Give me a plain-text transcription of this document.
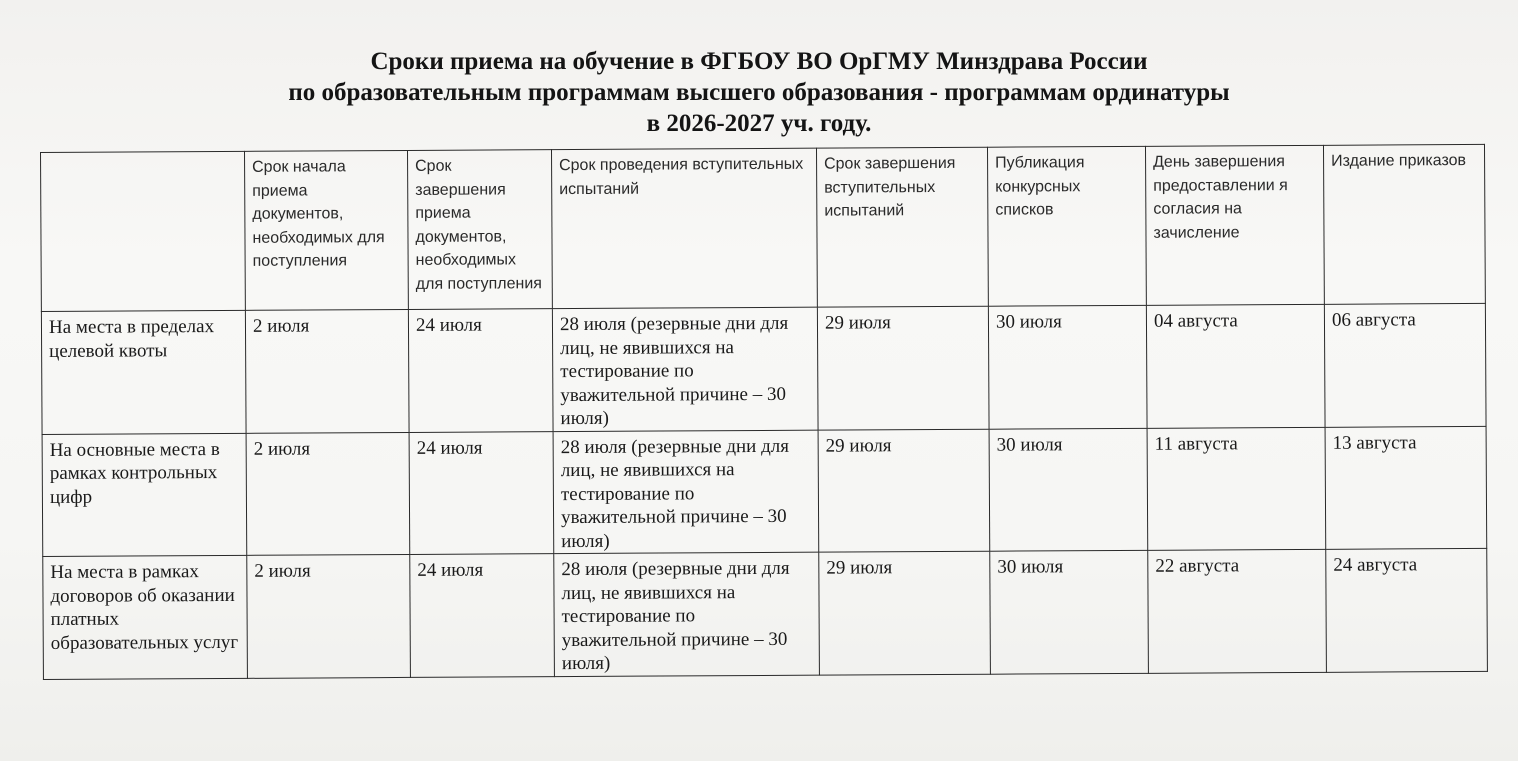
Сроки приема на обучение в ФГБОУ ВО ОрГМУ Минздрава России
по образовательным программам высшего образования - программам ординатуры
в 2026-2027 уч. году.
	Срок начала приема документов, необходимых для поступления	Срок завершения приема документов, необходимых для поступления	Срок проведения вступительных испытаний	Срок завершения вступительных испытаний	Публикация конкурсных списков	День завершения предоставлении я согласия на зачисление	Издание приказов
На места в пределах целевой квоты	2 июля	24 июля	28 июля (резервные дни для лиц, не явившихся на тестирование по уважительной причине – 30 июля)	29 июля	30 июля	04 августа	06 августа
На основные места в рамках контрольных цифр	2 июля	24 июля	28 июля (резервные дни для лиц, не явившихся на тестирование по уважительной причине – 30 июля)	29 июля	30 июля	11 августа	13 августа
На места в рамках договоров об оказании платных образовательных услуг	2 июля	24 июля	28 июля (резервные дни для лиц, не явившихся на тестирование по уважительной причине – 30 июля)	29 июля	30 июля	22 августа	24 августа
